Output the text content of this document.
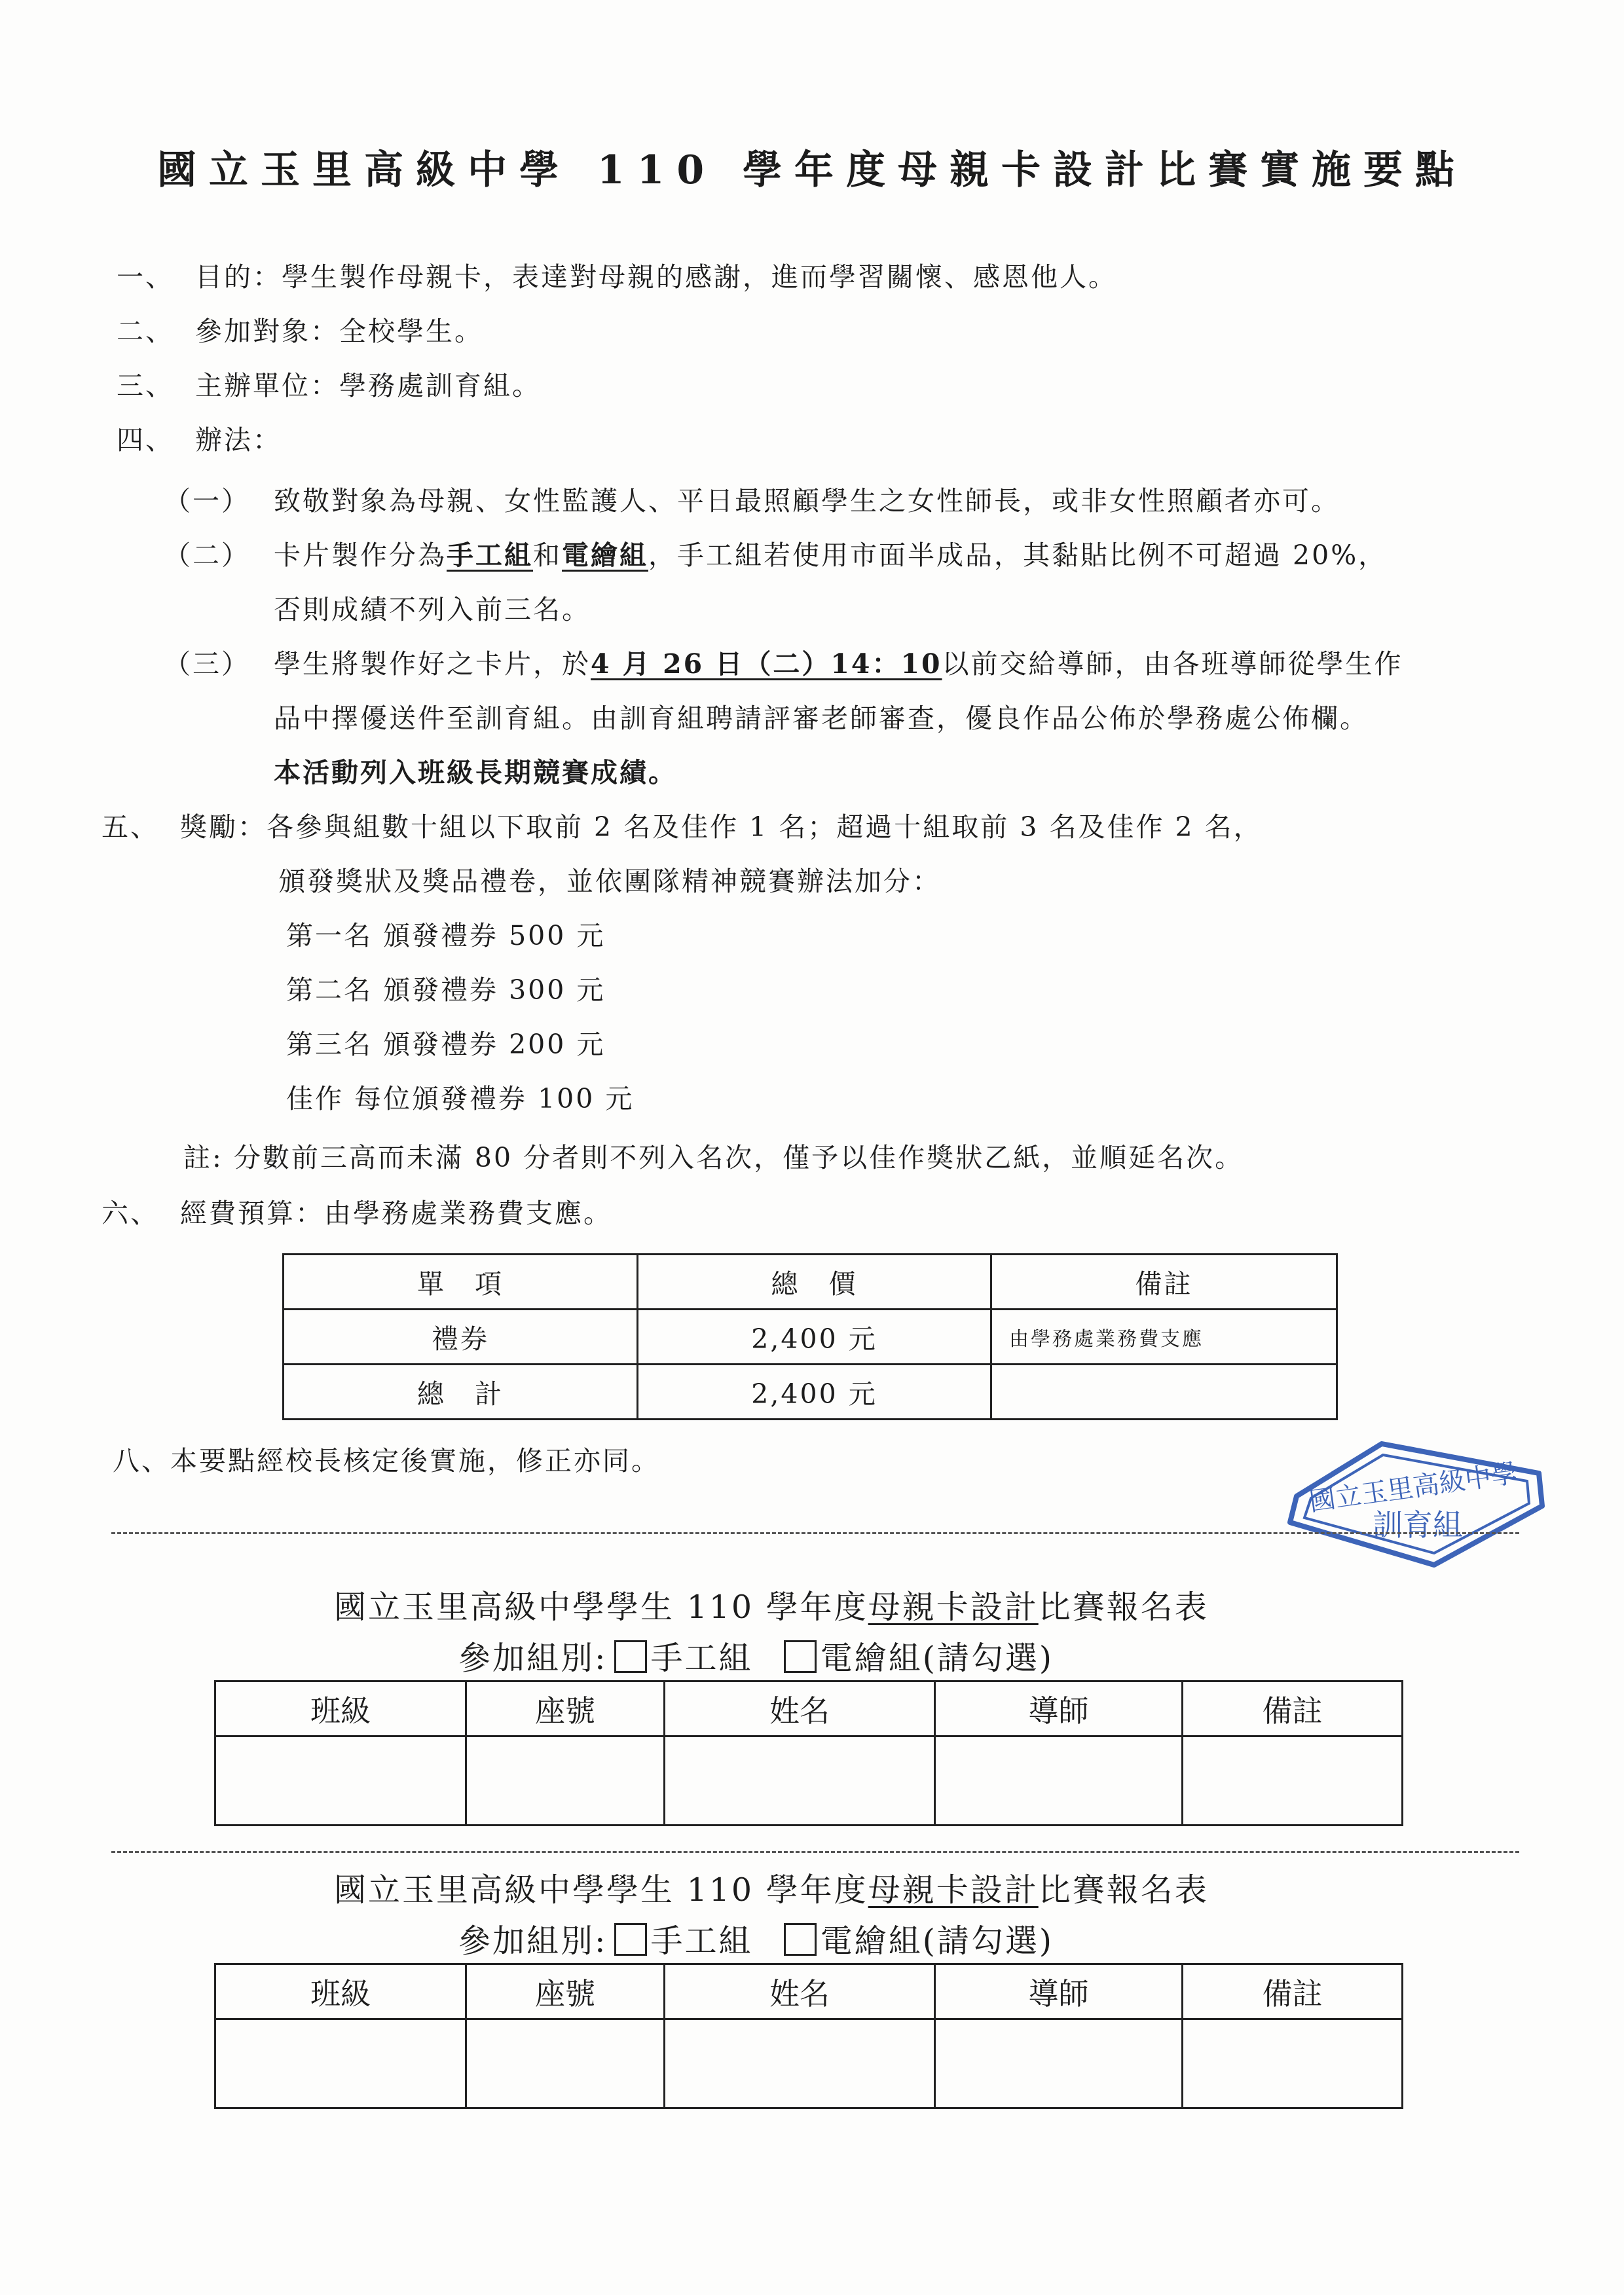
國立玉里高級中學 110 學年度母親卡設計比賽實施要點
一、 目的：學生製作母親卡，表達對母親的感謝，進而學習關懷、感恩他人。
二、 參加對象：全校學生。
三、 主辦單位：學務處訓育組。
四、 辦法：
（一） 致敬對象為母親、女性監護人、平日最照顧學生之女性師長，或非女性照顧者亦可。
（二） 卡片製作分為手工組和電繪組，手工組若使用市面半成品，其黏貼比例不可超過 20%，
否則成績不列入前三名。
（三） 學生將製作好之卡片，於4 月 26 日（二）14：10以前交給導師，由各班導師從學生作
品中擇優送件至訓育組。由訓育組聘請評審老師審查，優良作品公佈於學務處公佈欄。
本活動列入班級長期競賽成績。
五、 獎勵：各參與組數十組以下取前 2 名及佳作 1 名；超過十組取前 3 名及佳作 2 名，
頒發獎狀及獎品禮卷，並依團隊精神競賽辦法加分：
第一名 頒發禮券 500 元
第二名 頒發禮券 300 元
第三名 頒發禮券 200 元
佳作 每位頒發禮券 100 元
註: 分數前三高而未滿 80 分者則不列入名次，僅予以佳作獎狀乙紙，並順延名次。
六、 經費預算：由學務處業務費支應。
單　項	總　價	備註
禮券	2,400 元	由學務處業務費支應
總　計	2,400 元	
八、本要點經校長核定後實施，修正亦同。	國立玉里高級中學
訓育組
國立玉里高級中學學生 110 學年度母親卡設計比賽報名表
參加組別: 手工組 電繪組(請勾選)
班級	座號	姓名	導師	備註

國立玉里高級中學學生 110 學年度母親卡設計比賽報名表
參加組別: 手工組 電繪組(請勾選)
班級	座號	姓名	導師	備註
